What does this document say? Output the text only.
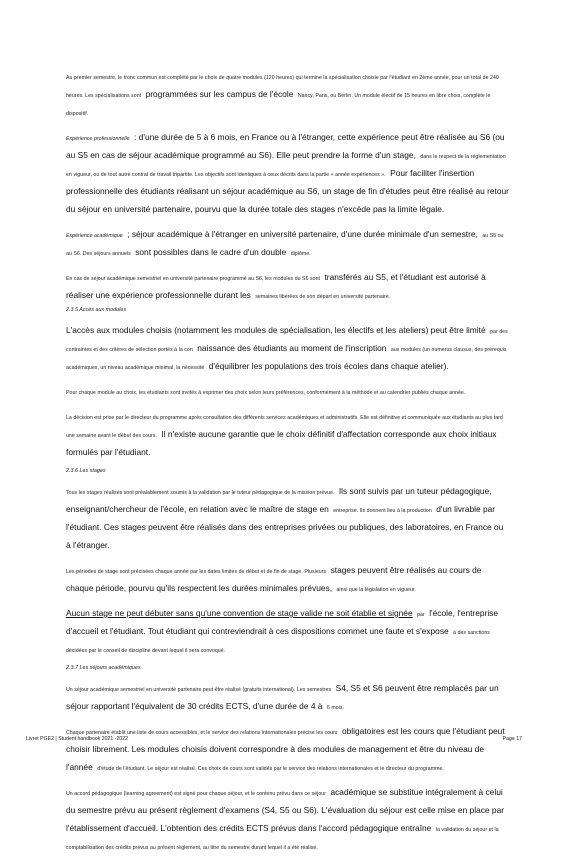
Au premier semestre, le tronc commun est complété par le choix de quatre modules (120 heures) qui termine la spécialisation choisie par l'étudiant en 2ème année, pour un total de 240 heures. Les spécialisations sont programmées sur les campus de l'école Nancy, Paris, ou Berlin. Un module électif de 15 heures en libre choix, complète le dispositif.

Expérience professionnelle : d'une durée de 5 à 6 mois, en France ou à l'étranger, cette expérience peut être réalisée au S6 (ou au S5 en cas de séjour académique programmé au S6). Elle peut prendre la forme d'un stage, dans le respect de la réglementation en vigueur, ou de tout autre contrat de travail tripartite. Les objectifs sont identiques à ceux décrits dans la partie « année expériences ». Pour faciliter l'insertion professionnelle des étudiants réalisant un séjour académique au S6, un stage de fin d'études peut être réalisé au retour du séjour en université partenaire, pourvu que la durée totale des stages n'excède pas la limite légale.

Expérience académique ; séjour académique à l'étranger en université partenaire, d'une durée minimale d'un semestre, au S5 ou au S6. Des séjours annuels sont possibles dans le cadre d'un double diplôme.

En cas de séjour académique semestriel en université partenaire programmé au S6, les modules du S6 sont transférés au S5, et l'étudiant est autorisé à réaliser une expérience professionnelle durant les semaines libérées de son départ en université partenaire.

2.3.5 Accès aux modules

L'accès aux modules choisis (notamment les modules de spécialisation, les électifs et les ateliers) peut être limité par des contraintes et des critères de sélection portés à la con naissance des étudiants au moment de l'inscription aux modules (un numerus clausus, des prérequis académiques, un niveau académique minimal, la nécessité d'équilibrer les populations des trois écoles dans chaque atelier).

Pour chaque module au choix, les étudiants sont invités à exprimer des choix selon leurs préférences, conformément à la méthode et au calendrier publiés chaque année.

La décision est prise par le directeur du programme après consultation des différents services académiques et administratifs. Elle est définitive et communiquée aux étudiants au plus tard une semaine avant le début des cours. Il n'existe aucune garantie que le choix définitif d'affectation corresponde aux choix initiaux formulés par l'étudiant.

2.3.6 Les stages

Tous les stages réalisés sont préalablement soumis à la validation par le tuteur pédagogique de la mission prévue. Ils sont suivis par un tuteur pédagogique, enseignant/chercheur de l'école, en relation avec le maître de stage en entreprise. Ils donnent lieu à la production d'un livrable par l'étudiant. Ces stages peuvent être réalisés dans des entreprises privées ou publiques, des laboratoires, en France ou à l'étranger.

Les périodes de stage sont précisées chaque année par les dates limites de début et de fin de stage. Plusieurs stages peuvent être réalisés au cours de chaque période, pourvu qu'ils respectent les durées minimales prévues, ainsi que la législation en vigueur.

Aucun stage ne peut débuter sans qu'une convention de stage valide ne soit établie et signée par l'école, l'entreprise d'accueil et l'étudiant. Tout étudiant qui contreviendrait à ces dispositions commet une faute et s'expose à des sanctions décidées par le conseil de discipline devant lequel il sera convoqué.

2.3.7 Les séjours académiques

Un séjour académique semestriel en université partenaire peut être réalisé (gratuits international). Les semestres S4, S5 et S6 peuvent être remplacés par un séjour rapportant l'équivalent de 30 crédits ECTS, d'une durée de 4 à 6 mois.

Chaque partenaire établit une liste de cours accessibles, et le service des relations internationales précise les cours obligatoires est les cours que l'étudiant peut choisir librement. Les modules choisis doivent correspondre à des modules de management et être du niveau de l'année d'étude de l'étudiant. Le séjour est réalisé. Ces choix de cours sont validés par le service des relations internationales et le directeur du programme.

Un accord pédagogique (learning agreement) est signé pour chaque séjour, et le contenu prévu dans ce séjour académique se substitue intégralement à celui du semestre prévu au présent règlement d'examens (S4, S5 ou S6). L'évaluation du séjour est celle mise en place par l'établissement d'accueil. L'obtention des crédits ECTS prévus dans l'accord pédagogique entraîne la validation du séjour et la comptabilisation des crédits prévus au présent règlement, au titre du semestre durant lequel il a été réalisé.

Livret PGE2 | Student handbook 2021 -2022	Page 17
